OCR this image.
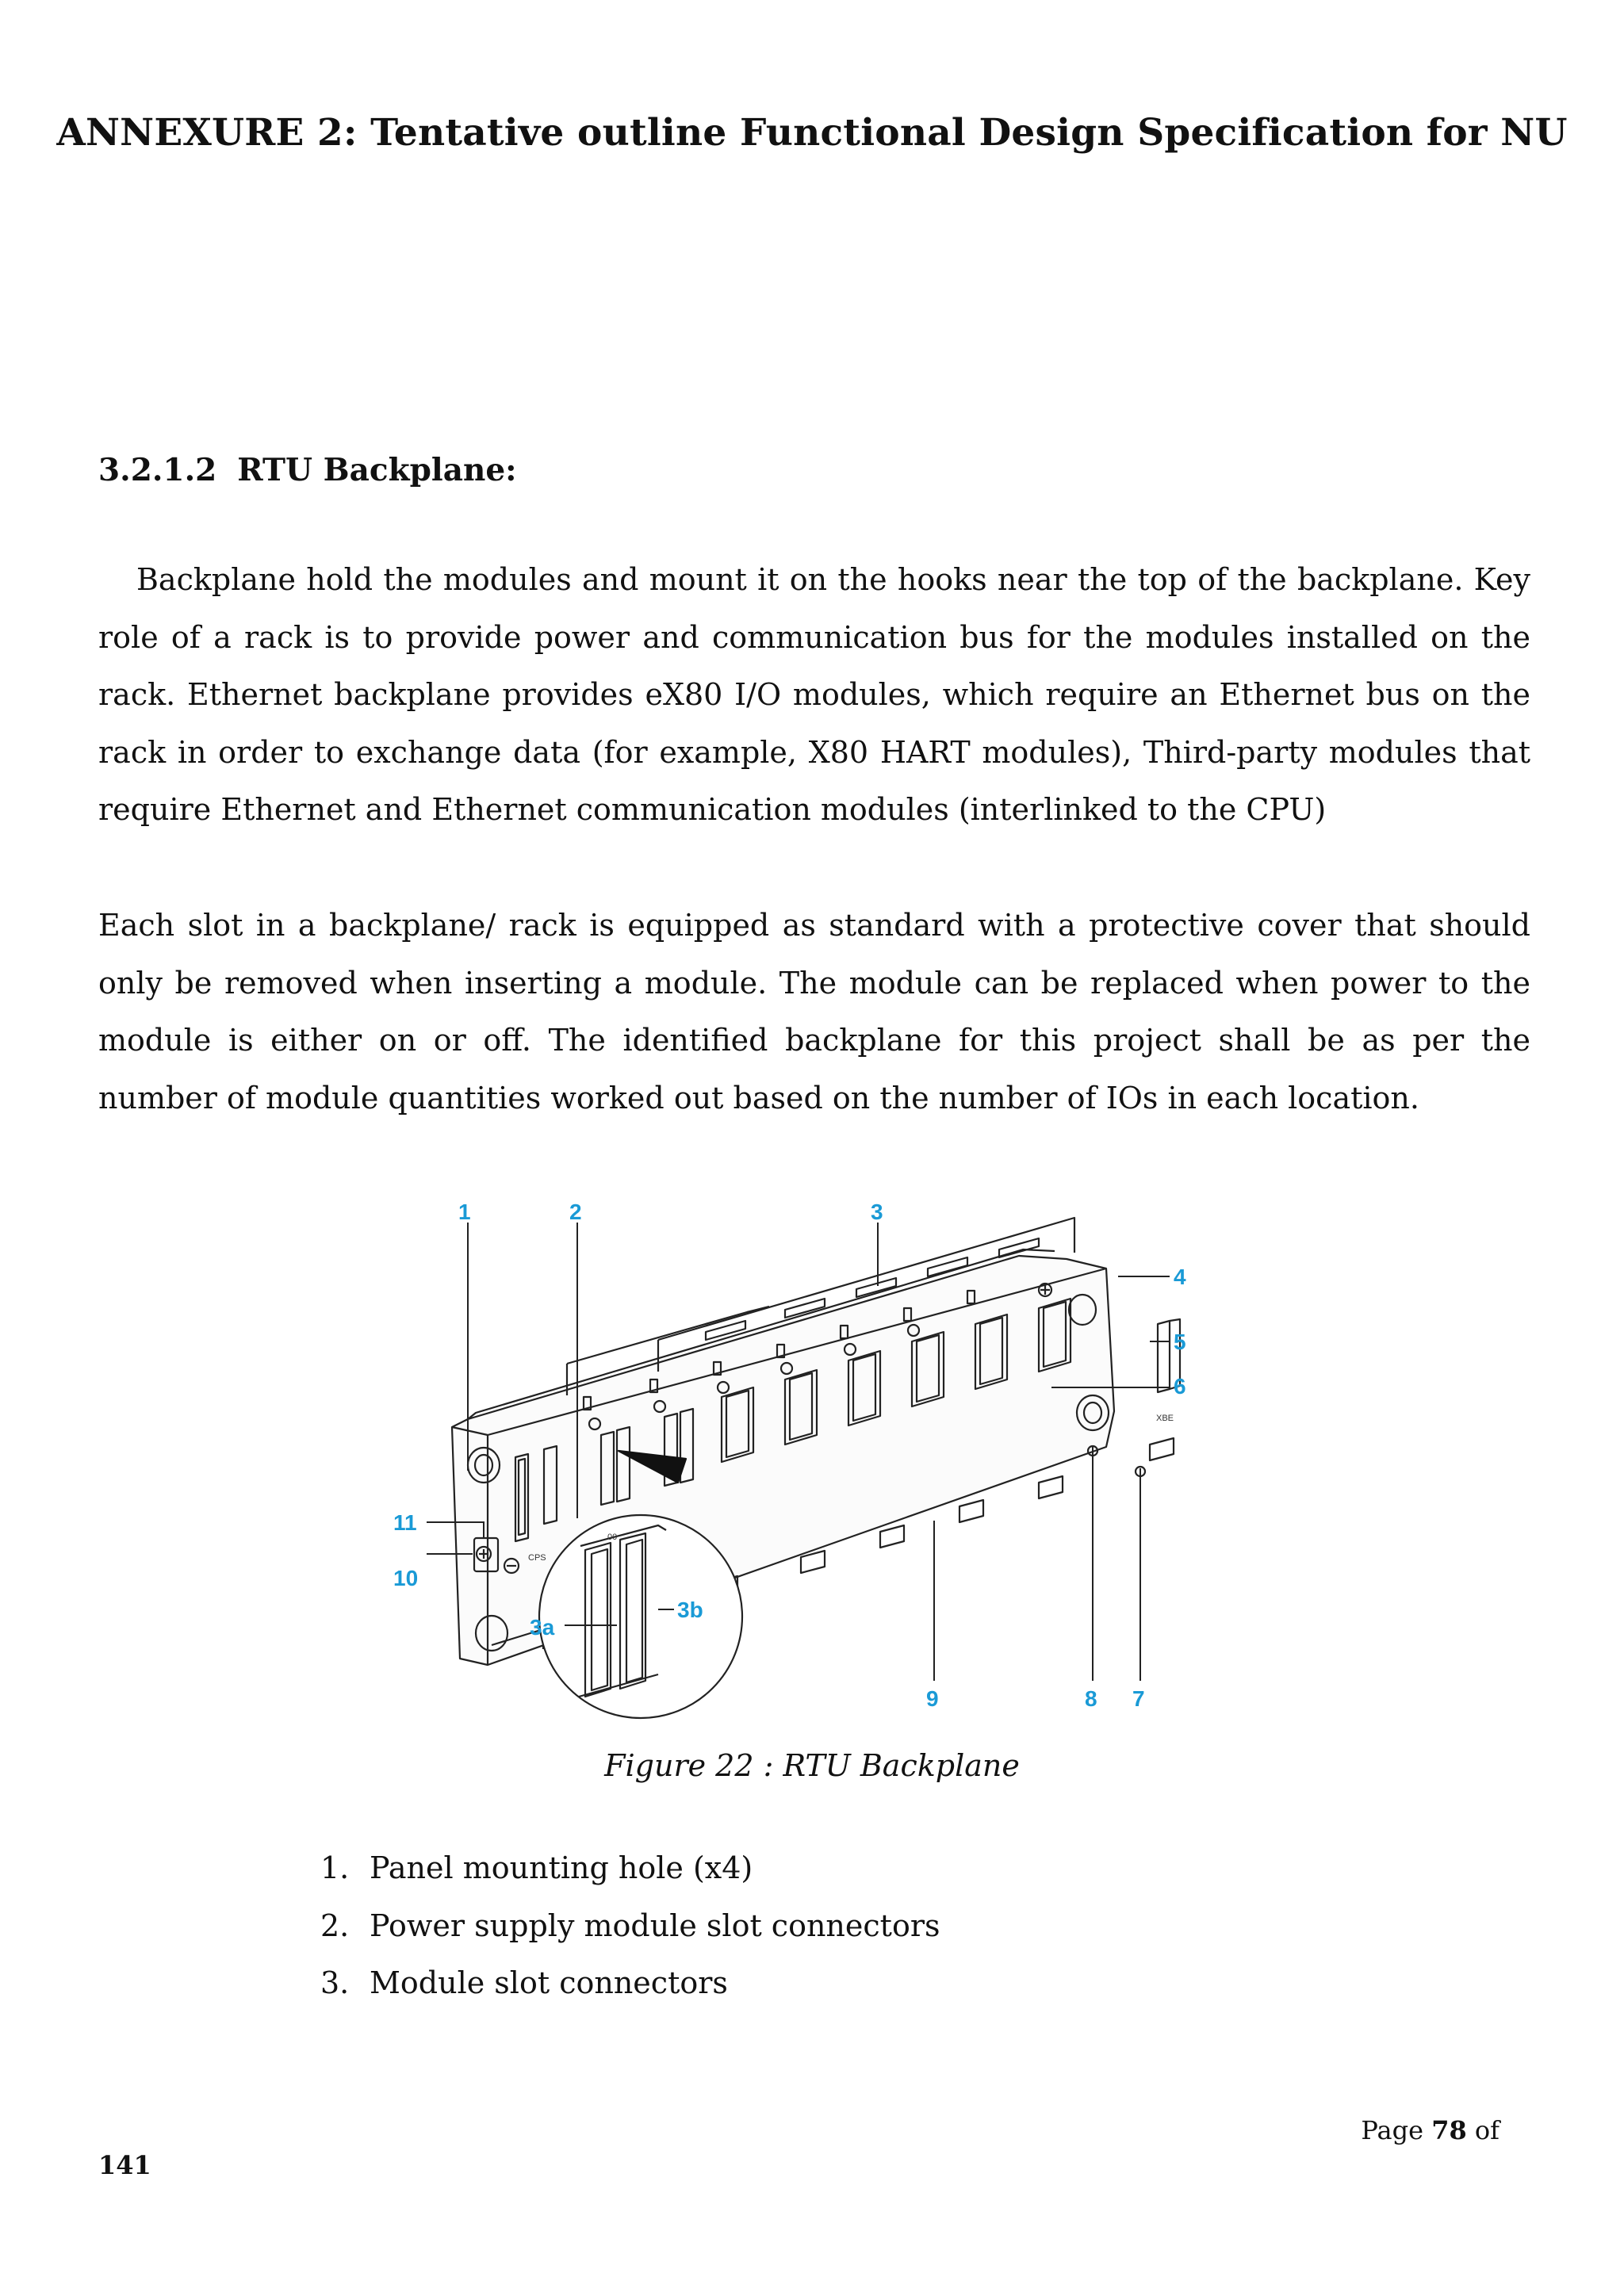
ANNEXURE 2: Tentative outline Functional Design Specification for NU
3.2.1.2 RTU Backplane:

Backplane hold the modules and mount it on the hooks near the top of the backplane. Key role of a rack is to provide power and communication bus for the modules installed on the rack. Ethernet backplane provides eX80 I/O modules, which require an Ethernet bus on the rack in order to exchange data (for example, X80 HART modules), Third-party modules that require Ethernet and Ethernet communication modules (interlinked to the CPU)

Each slot in a backplane/ rack is equipped as standard with a protective cover that should only be removed when inserting a module. The module can be replaced when power to the module is either on or off. The identified backplane for this project shall be as per the number of module quantities worked out based on the number of IOs in each location.

CPS
00
XBE
1	2	3
4
5
6
7
8
9
10
11
3a
3b
Figure 22 : RTU Backplane
1. Panel mounting hole (x4)
2. Power supply module slot connectors
3. Module slot connectors
Page 78 of
141
